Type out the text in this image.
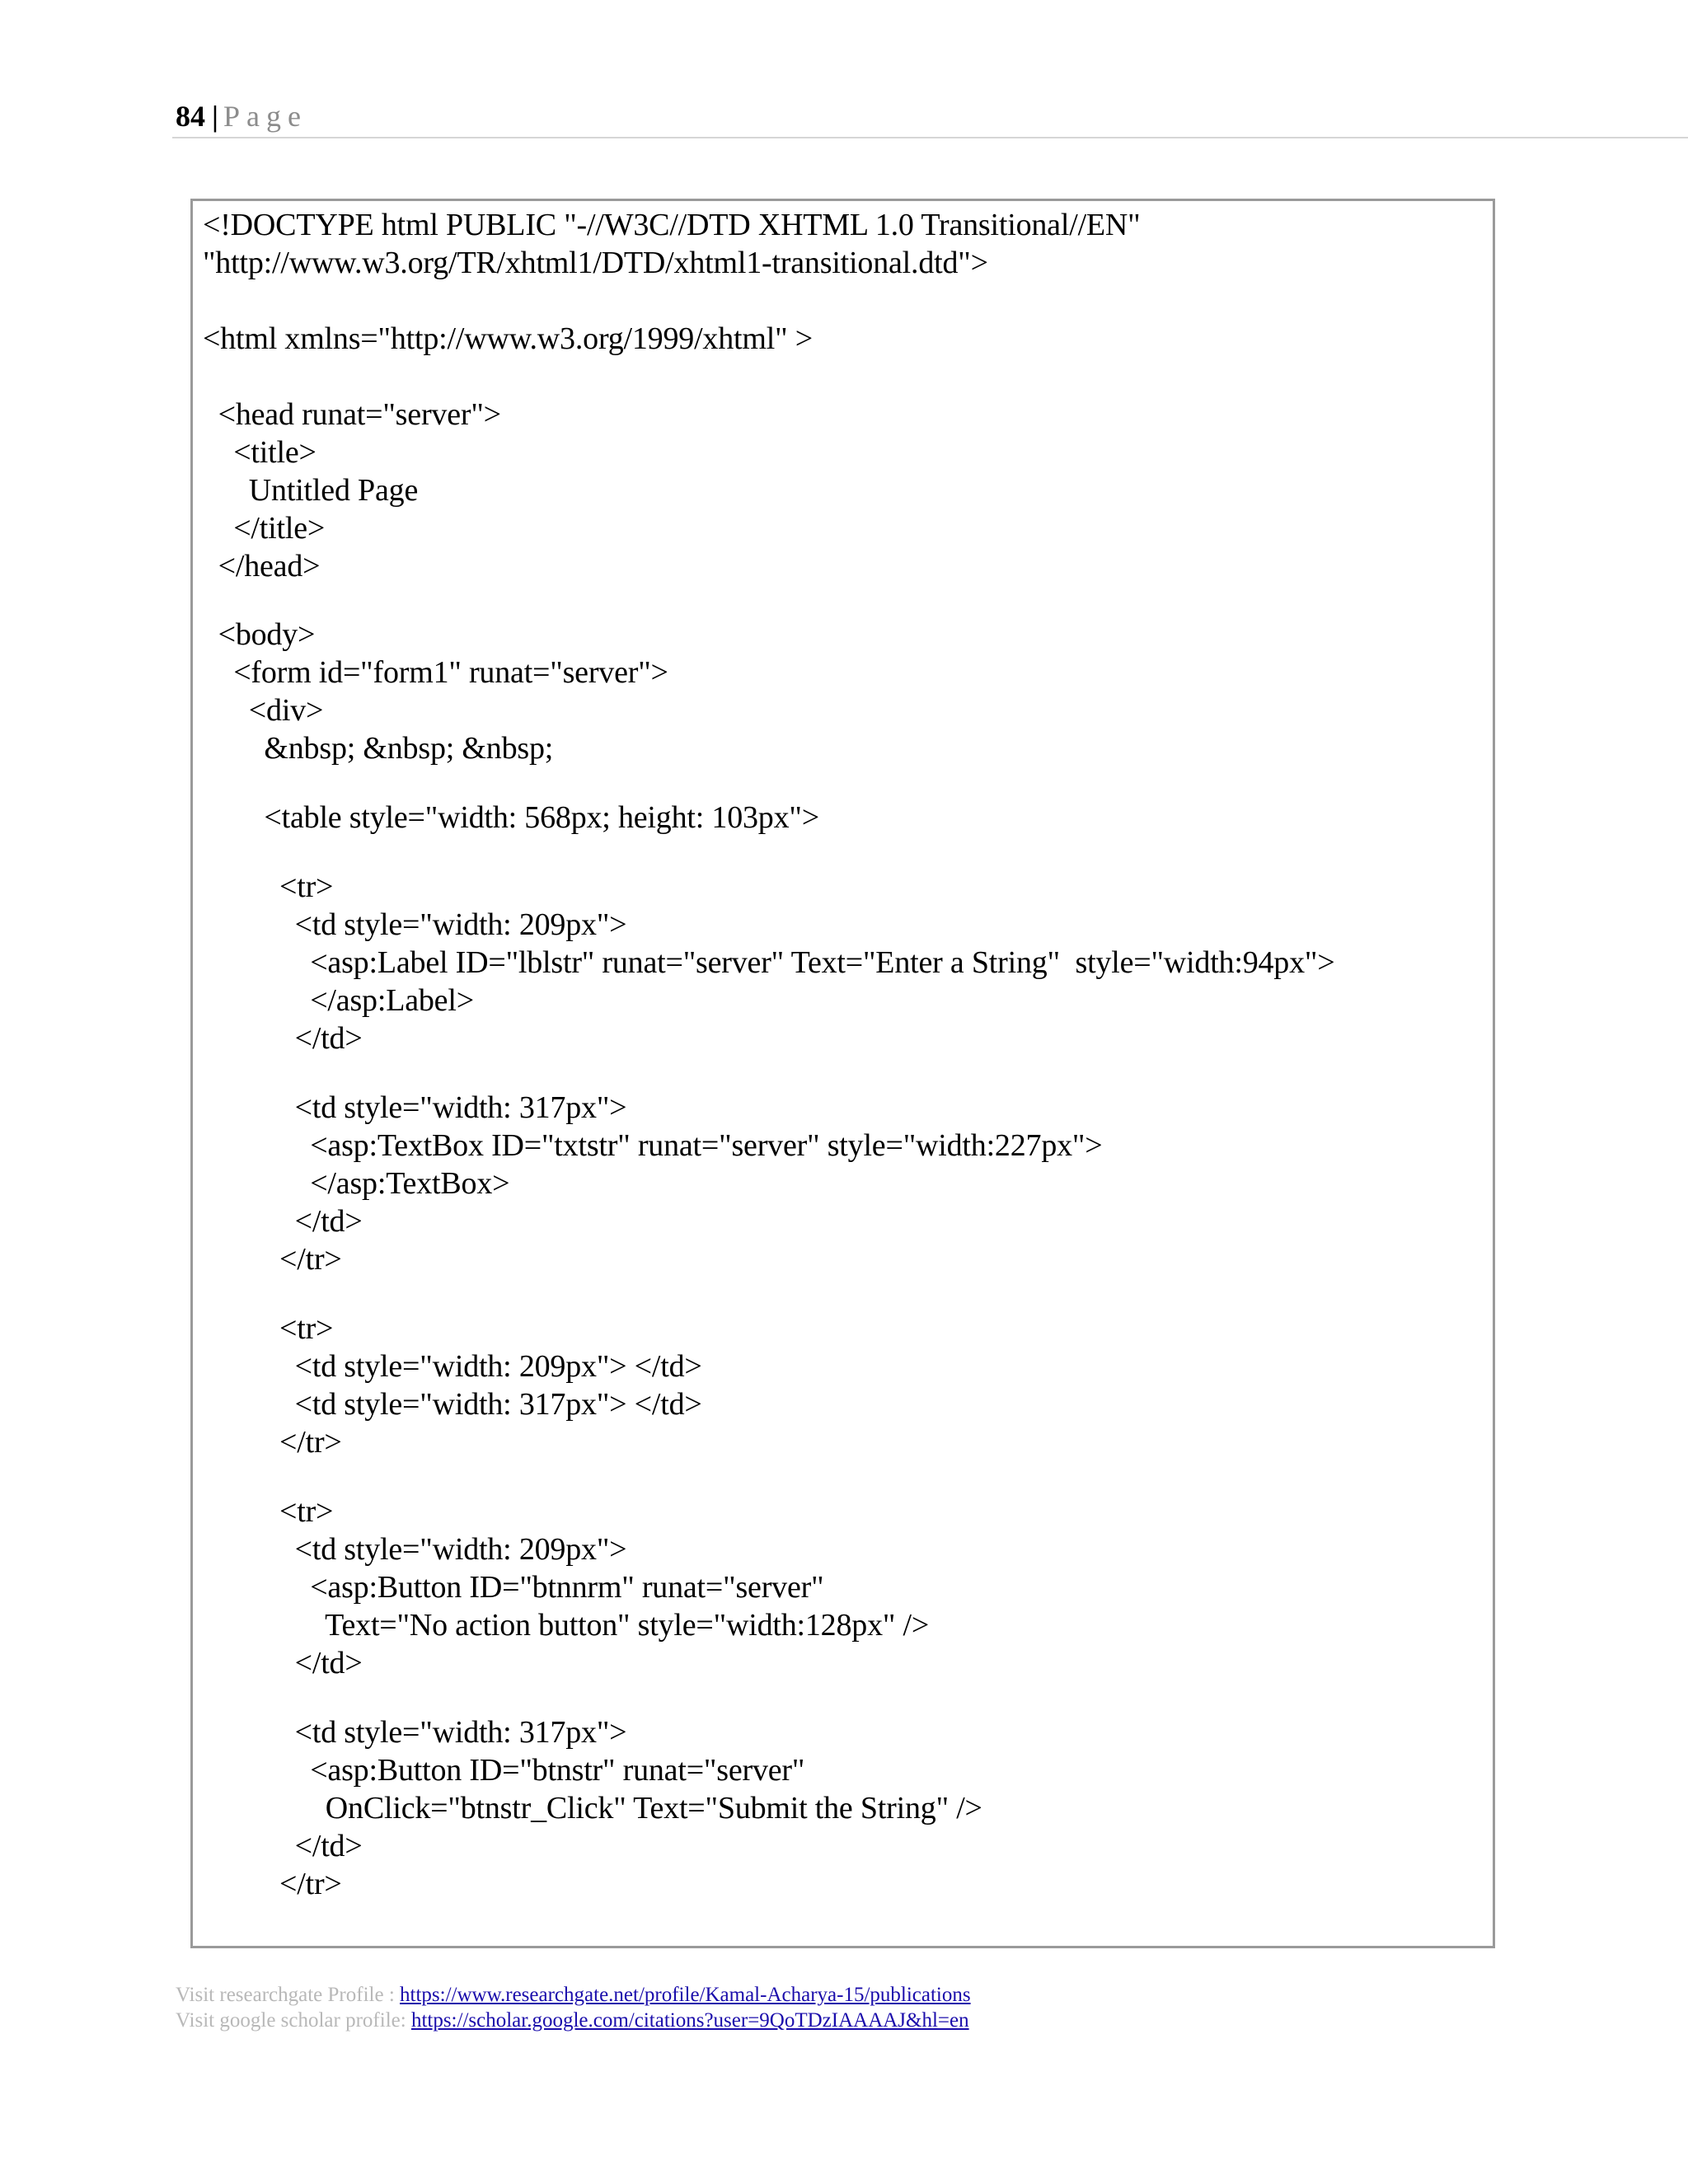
84 | Page
<!DOCTYPE html PUBLIC "-//W3C//DTD XHTML 1.0 Transitional//EN"
"http://www.w3.org/TR/xhtml1/DTD/xhtml1-transitional.dtd">
<html xmlns="http://www.w3.org/1999/xhtml" >
<head runat="server">
<title>
Untitled Page
</title>
</head>
<body>
<form id="form1" runat="server">
<div>
&nbsp; &nbsp; &nbsp;
<table style="width: 568px; height: 103px">
<tr>
<td style="width: 209px">
<asp:Label ID="lblstr" runat="server" Text="Enter a String"  style="width:94px">
</asp:Label>
</td>
<td style="width: 317px">
<asp:TextBox ID="txtstr" runat="server" style="width:227px">
</asp:TextBox>
</td>
</tr>
<tr>
<td style="width: 209px"> </td>
<td style="width: 317px"> </td>
</tr>
<tr>
<td style="width: 209px">
<asp:Button ID="btnnrm" runat="server"
Text="No action button" style="width:128px" />
</td>
<td style="width: 317px">
<asp:Button ID="btnstr" runat="server"
OnClick="btnstr_Click" Text="Submit the String" />
</td>
</tr>
Visit researchgate Profile : https://www.researchgate.net/profile/Kamal-Acharya-15/publications
Visit google scholar profile: https://scholar.google.com/citations?user=9QoTDzIAAAAJ&hl=en
